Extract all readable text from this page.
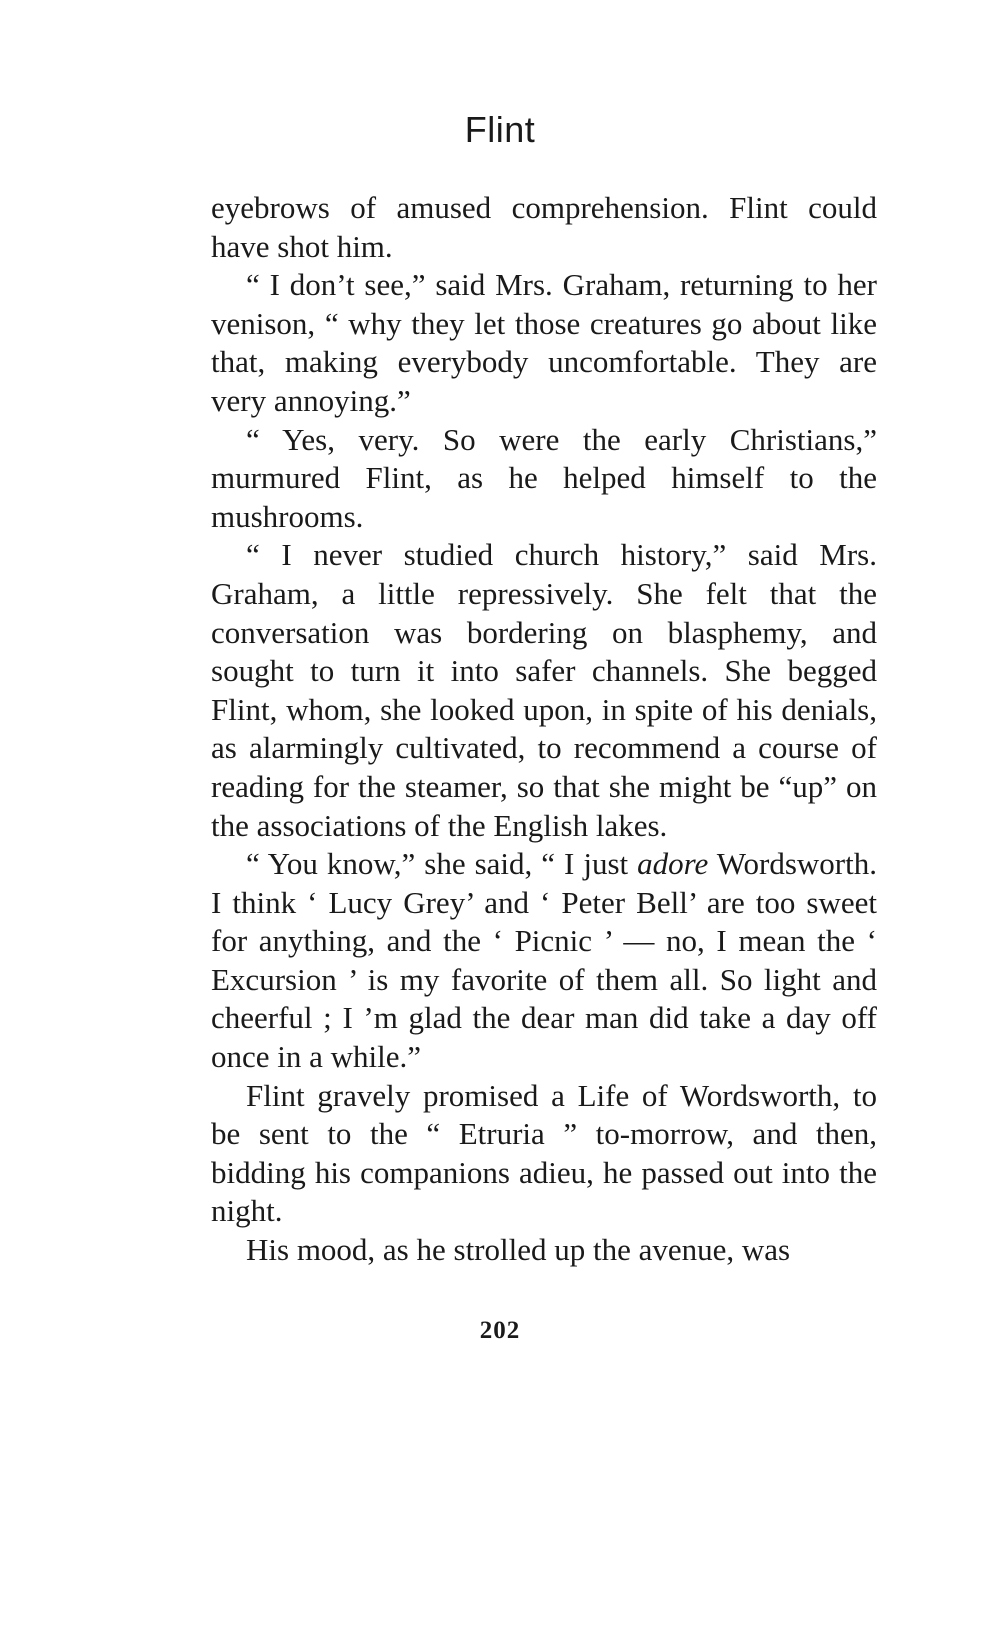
Flint

eyebrows of amused comprehension. Flint could have shot him.

“ I don’t see,” said Mrs. Graham, returning to her venison, “ why they let those creatures go about like that, making everybody uncomfortable. They are very annoying.”

“ Yes, very. So were the early Christians,” murmured Flint, as he helped himself to the mushrooms.

“ I never studied church history,” said Mrs. Graham, a little repressively. She felt that the conversation was bordering on blasphemy, and sought to turn it into safer channels. She begged Flint, whom, she looked upon, in spite of his denials, as alarmingly cultivated, to recommend a course of reading for the steamer, so that she might be “up” on the associations of the English lakes.

“ You know,” she said, “ I just adore Wordsworth. I think ‘ Lucy Grey’ and ‘ Peter Bell’ are too sweet for anything, and the ‘ Picnic ’ — no, I mean the ‘ Excursion ’ is my favorite of them all. So light and cheerful ; I ’m glad the dear man did take a day off once in a while.”

Flint gravely promised a Life of Wordsworth, to be sent to the “ Etruria ” to-morrow, and then, bidding his companions adieu, he passed out into the night.

His mood, as he strolled up the avenue, was

202
